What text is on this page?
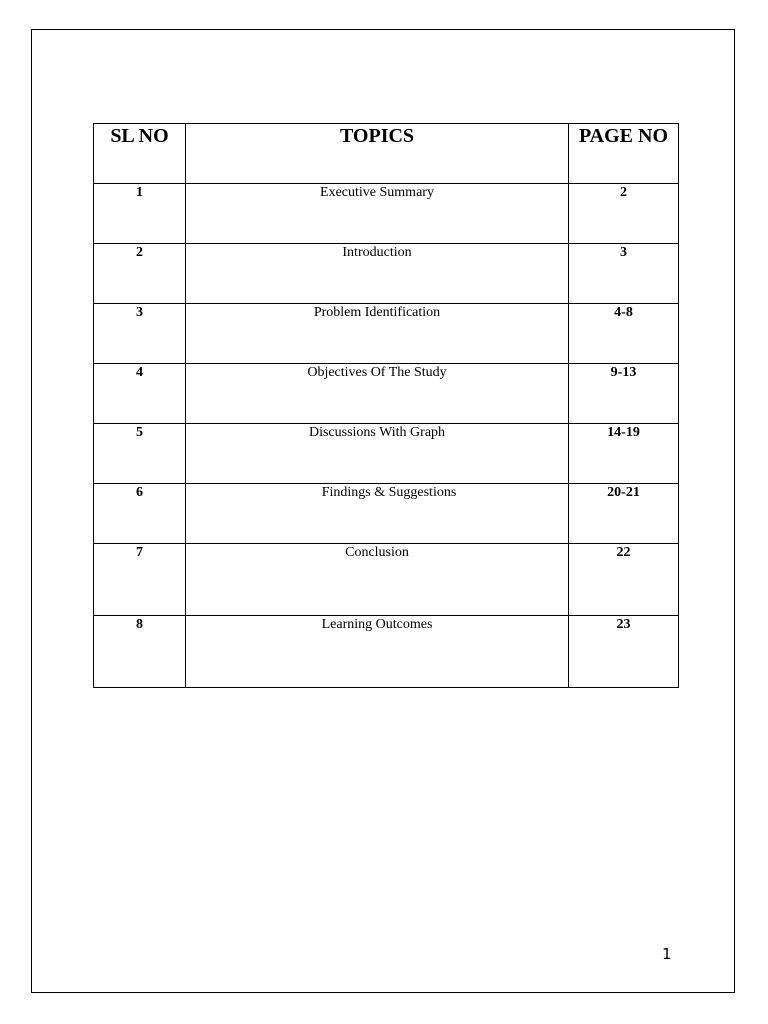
SL NO	TOPICS	PAGE NO
1	Executive Summary	2
2	Introduction	3
3	Problem Identification	4-8
4	Objectives Of The Study	9-13
5	Discussions With Graph	14-19
6	Findings & Suggestions	20-21
7	Conclusion	22
8	Learning Outcomes	23
1
